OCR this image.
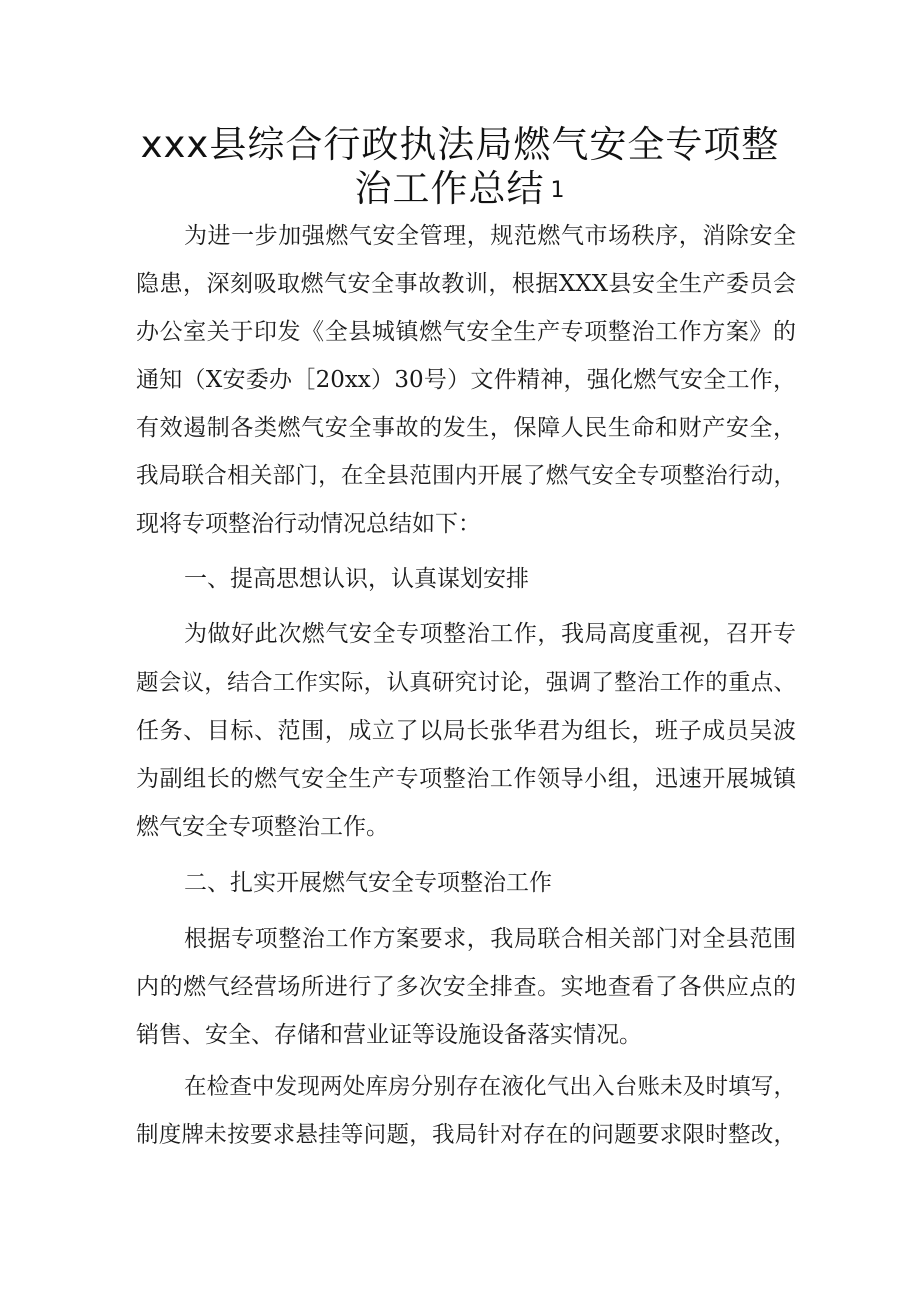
xxx县综合行政执法局燃气安全专项整
治工作总结 1
为进一步加强燃气安全管理，规范燃气市场秩序，消除安全
隐患，深刻吸取燃气安全事故教训，根据XXX县安全生产委员会
办公室关于印发《全县城镇燃气安全生产专项整治工作方案》的
通知（X安委办［20xx）30号）文件精神，强化燃气安全工作，
有效遏制各类燃气安全事故的发生，保障人民生命和财产安全，
我局联合相关部门，在全县范围内开展了燃气安全专项整治行动，
现将专项整治行动情况总结如下：
一、提高思想认识，认真谋划安排
为做好此次燃气安全专项整治工作，我局高度重视，召开专
题会议，结合工作实际，认真研究讨论，强调了整治工作的重点、
任务、目标、范围，成立了以局长张华君为组长，班子成员吴波
为副组长的燃气安全生产专项整治工作领导小组，迅速开展城镇
燃气安全专项整治工作。
二、扎实开展燃气安全专项整治工作
根据专项整治工作方案要求，我局联合相关部门对全县范围
内的燃气经营场所进行了多次安全排查。实地查看了各供应点的
销售、安全、存储和营业证等设施设备落实情况。
在检查中发现两处库房分别存在液化气出入台账未及时填写，
制度牌未按要求悬挂等问题，我局针对存在的问题要求限时整改，
